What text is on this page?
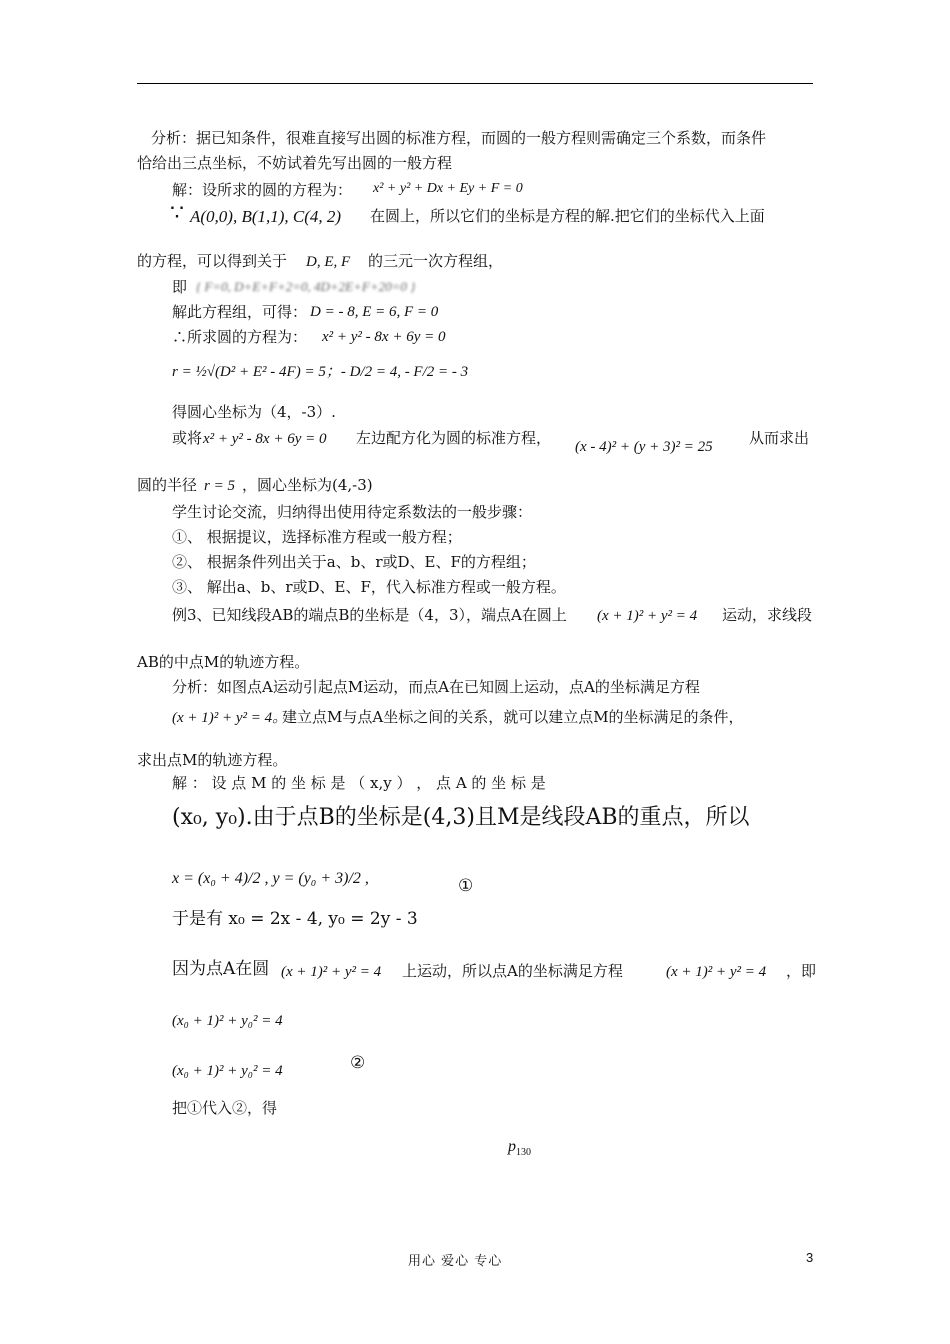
分析：据已知条件，很难直接写出圆的标准方程，而圆的一般方程则需确定三个系数，而条件
恰给出三点坐标，不妨试着先写出圆的一般方程
解：设所求的圆的方程为：
在圆上，所以它们的坐标是方程的解.把它们的坐标代入上面
的方程，可以得到关于	的三元一次方程组，
即
解此方程组，可得：
∴所求圆的方程为：
得圆心坐标为（4，-3）.
或将	左边配方化为圆的标准方程，	从而求出
圆的半径	，圆心坐标为(4,-3)
学生讨论交流，归纳得出使用待定系数法的一般步骤：
①、 根据提议，选择标准方程或一般方程；
②、 根据条件列出关于a、b、r或D、E、F的方程组；
③、 解出a、b、r或D、E、F，代入标准方程或一般方程。
例3、已知线段AB的端点B的坐标是（4，3），端点A在圆上	运动，求线段
AB的中点M的轨迹方程。
分析：如图点A运动引起点M运动，而点A在已知圆上运动，点A的坐标满足方程
建立点M与点A坐标之间的关系，就可以建立点M的坐标满足的条件，
求出点M的轨迹方程。
解 ： 设 点 M 的 坐 标 是 （ x,y ） ， 点 A 的 坐 标 是
上运动，所以点A的坐标满足方程	，即
把①代入②，得
x² + y² + Dx + Ey + F = 0
∵ A(0,0), B(1,1), C(4, 2)
D, E, F
{ F=0, D+E+F+2=0, 4D+2E+F+20=0 }
D = - 8, E = 6, F = 0
x² + y² - 8x + 6y = 0
r = ½√(D² + E² - 4F) = 5；- D/2 = 4, - F/2 = - 3
x² + y² - 8x + 6y = 0	(x - 4)² + (y + 3)² = 25
r = 5
(x + 1)² + y² = 4
(x + 1)² + y² = 4。
(x₀, y₀).由于点B的坐标是(4,3)且M是线段AB的重点，所以
x = (x₀ + 4)/2 , y = (y₀ + 3)/2 ,	①
于是有 x₀ = 2x - 4, y₀ = 2y - 3
因为点A在圆 (x + 1)² + y² = 4	(x + 1)² + y² = 4
(x₀ + 1)² + y₀² = 4
(x₀ + 1)² + y₀² = 4	②
$p_{130}$
用心 爱心 专心	3
